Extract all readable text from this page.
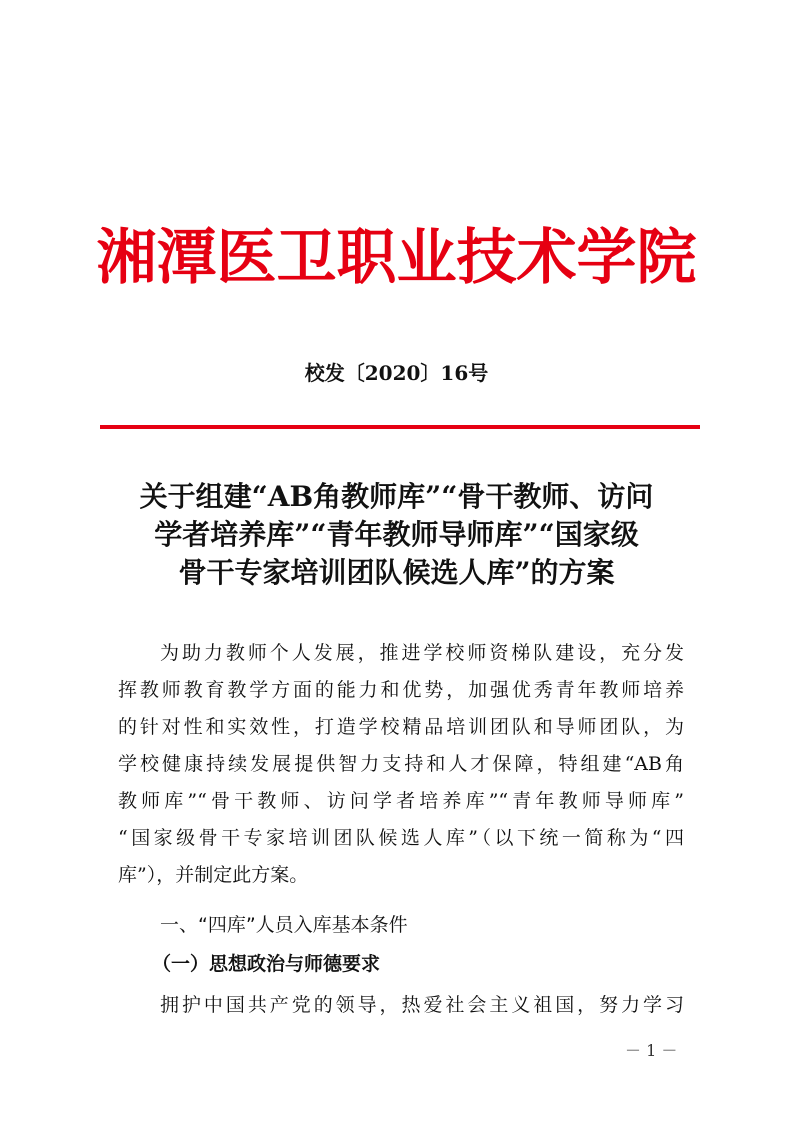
湘潭医卫职业技术学院
校发〔2020〕16号
关于组建“AB角教师库”“骨干教师、访问
学者培养库”“青年教师导师库”“国家级
骨干专家培训团队候选人库”的方案
为助力教师个人发展，推进学校师资梯队建设，充分发
挥教师教育教学方面的能力和优势，加强优秀青年教师培养
的针对性和实效性，打造学校精品培训团队和导师团队，为
学校健康持续发展提供智力支持和人才保障，特组建“AB角
教师库”“骨干教师、访问学者培养库”“青年教师导师库”
“国家级骨干专家培训团队候选人库”（以下统一简称为“四
库”），并制定此方案。
一、“四库”人员入库基本条件
（一）思想政治与师德要求
拥护中国共产党的领导，热爱社会主义祖国，努力学习
－ 1 －
